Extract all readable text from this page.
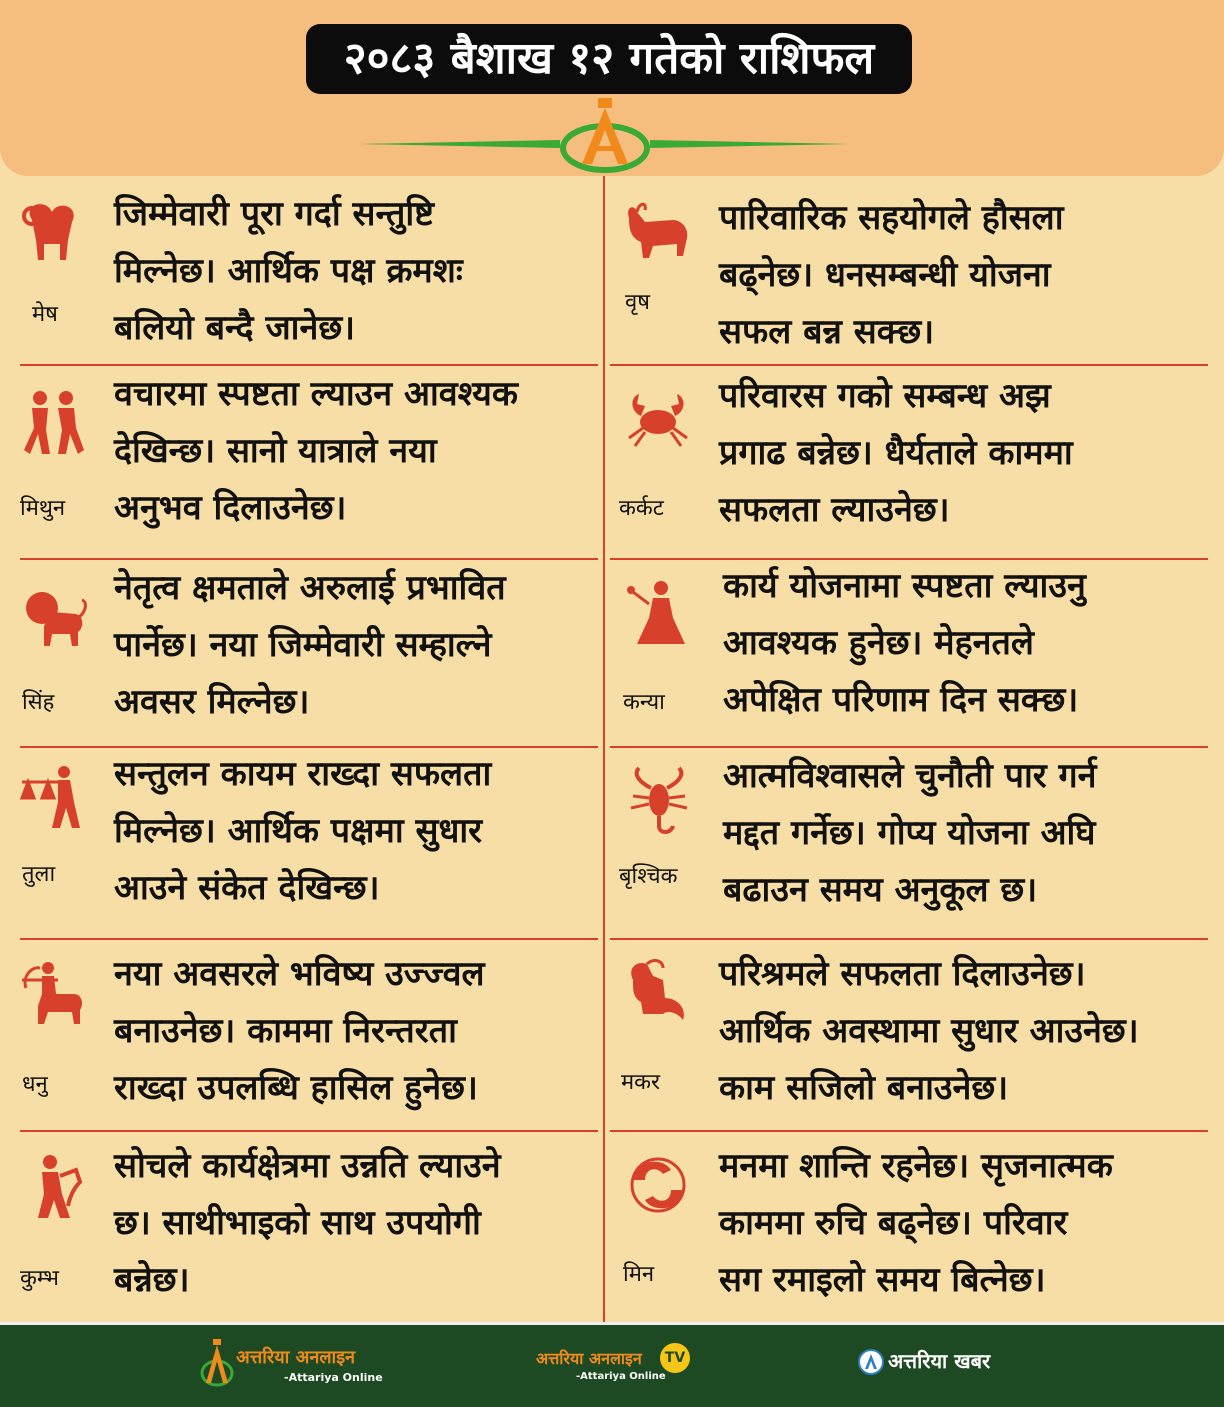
२०८३ बैशाख १२ गतेको राशिफल
मेष
जिम्मेवारी पूरा गर्दा सन्तुष्टि
मिल्नेछ। आर्थिक पक्ष क्रमशः
बलियो बन्दै जानेछ।
वृष
पारिवारिक सहयोगले हौसला
बढ्नेछ। धनसम्बन्धी योजना
सफल बन्न सक्छ।
मिथुन
वचारमा स्पष्टता ल्याउन आवश्यक
देखिन्छ। सानो यात्राले नया
अनुभव दिलाउनेछ।	कर्कट
परिवारस गको सम्बन्ध अझ
प्रगाढ बन्नेछ। धैर्यताले काममा
सफलता ल्याउनेछ।
सिंह
नेतृत्व क्षमताले अरुलाई प्रभावित
पार्नेछ। नया जिम्मेवारी सम्हाल्ने
अवसर मिल्नेछ।	कन्या
कार्य योजनामा स्पष्टता ल्याउनु
आवश्यक हुनेछ। मेहनतले
अपेक्षित परिणाम दिन सक्छ।
तुला
सन्तुलन कायम राख्दा सफलता
मिल्नेछ। आर्थिक पक्षमा सुधार
आउने संकेत देखिन्छ।	बृश्चिक
आत्मविश्वासले चुनौती पार गर्न
मद्दत गर्नेछ। गोप्य योजना अघि
बढाउन समय अनुकूल छ।
धनु
नया अवसरले भविष्य उज्ज्वल
बनाउनेछ। काममा निरन्तरता
राख्दा उपलब्धि हासिल हुनेछ।	मकर
परिश्रमले सफलता दिलाउनेछ।
आर्थिक अवस्थामा सुधार आउनेछ।
काम सजिलो बनाउनेछ।
कुम्भ
सोचले कार्यक्षेत्रमा उन्नति ल्याउने
छ। साथीभाइको साथ उपयोगी
बन्नेछ।	मिन
मनमा शान्ति रहनेछ। सृजनात्मक
काममा रुचि बढ्नेछ। परिवार
सग रमाइलो समय बित्नेछ।
अत्तरिया अनलाइन
-Attariya Online
अत्तरिया अनलाइन
-Attariya Online
TV	अत्तरिया खबर
